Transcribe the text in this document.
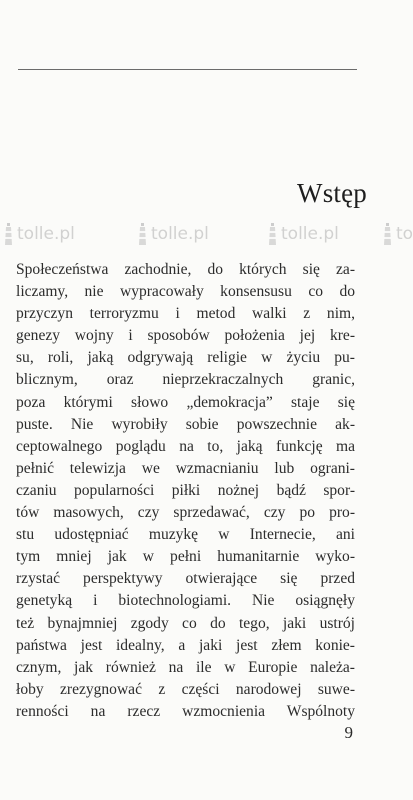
Wstęp
tolle.pl	tolle.pl	tolle.pl	to
Społeczeństwa zachodnie, do których się za-
liczamy, nie wypracowały konsensusu co do
przyczyn terroryzmu i metod walki z nim,
genezy wojny i sposobów położenia jej kre-
su, roli, jaką odgrywają religie w życiu pu-
blicznym, oraz nieprzekraczalnych granic,
poza którymi słowo „demokracja” staje się
puste. Nie wyrobiły sobie powszechnie ak-
ceptowalnego poglądu na to, jaką funkcję ma
pełnić telewizja we wzmacnianiu lub ograni-
czaniu popularności piłki nożnej bądź spor-
tów masowych, czy sprzedawać, czy po pro-
stu udostępniać muzykę w Internecie, ani
tym mniej jak w pełni humanitarnie wyko-
rzystać perspektywy otwierające się przed
genetyką i biotechnologiami. Nie osiągnęły
też bynajmniej zgody co do tego, jaki ustrój
państwa jest idealny, a jaki jest złem konie-
cznym, jak również na ile w Europie należa-
łoby zrezygnować z części narodowej suwe-
renności na rzecz wzmocnienia Wspólnoty
9
